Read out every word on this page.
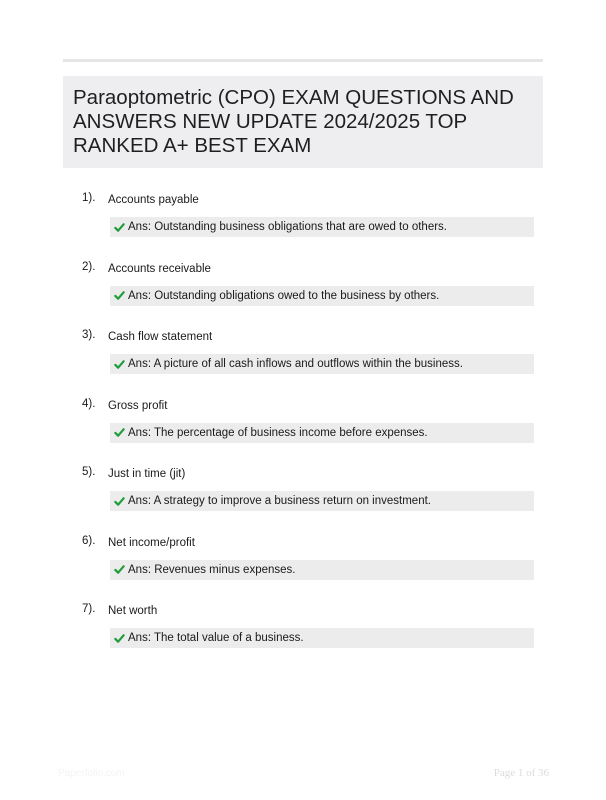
Paraoptometric (CPO) EXAM QUESTIONS AND ANSWERS NEW UPDATE 2024/2025 TOP RANKED A+ BEST EXAM
1). Accounts payable
Ans: Outstanding business obligations that are owed to others.
2). Accounts receivable
Ans: Outstanding obligations owed to the business by others.
3). Cash flow statement
Ans: A picture of all cash inflows and outflows within the business.
4). Gross profit
Ans: The percentage of business income before expenses.
5). Just in time (jit)
Ans: A strategy to improve a business return on investment.
6). Net income/profit
Ans: Revenues minus expenses.
7). Net worth
Ans: The total value of a business.
Paperfolio.com	Page 1 of 36
